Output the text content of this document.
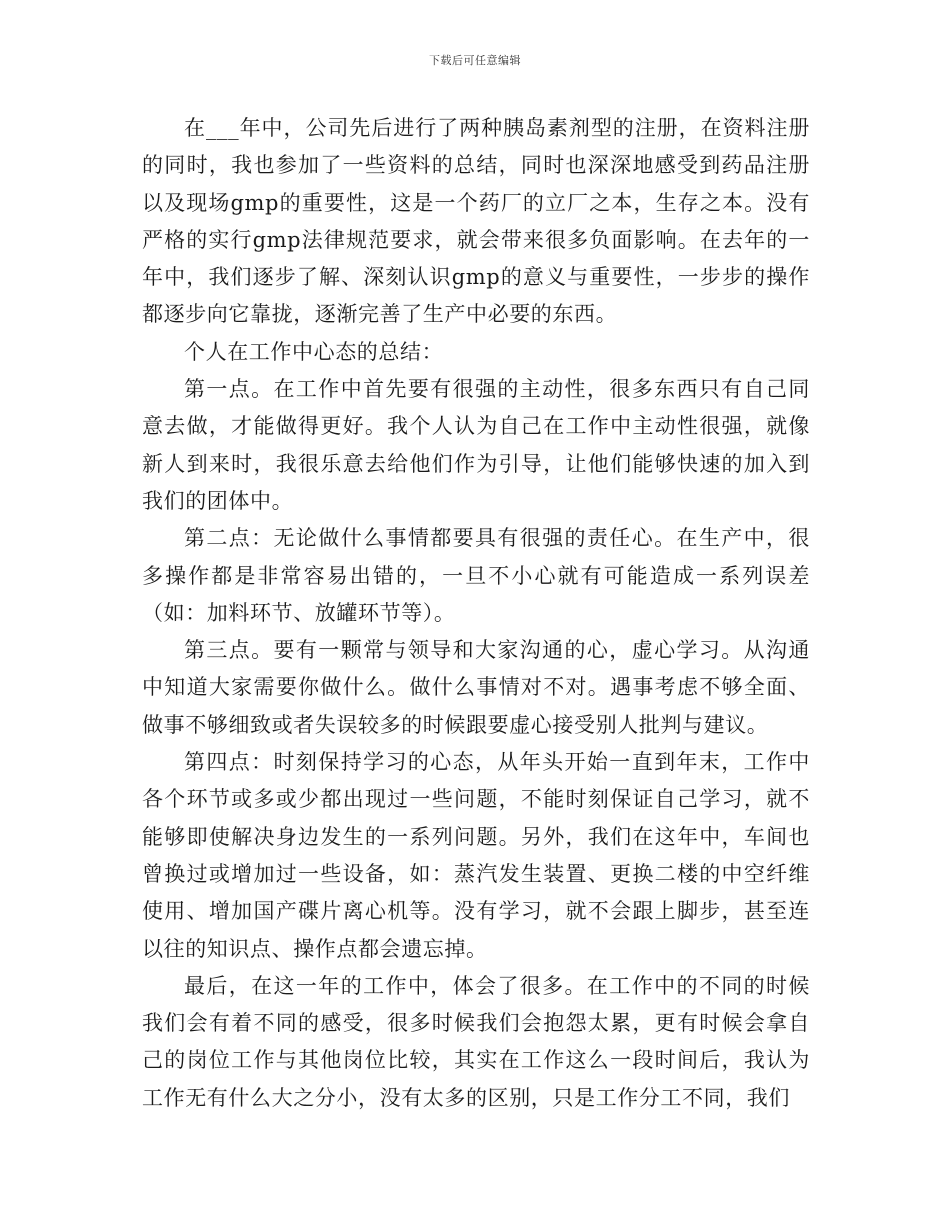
下载后可任意编辑

在___年中，公司先后进行了两种胰岛素剂型的注册，在资料注册的同时，我也参加了一些资料的总结，同时也深深地感受到药品注册以及现场gmp的重要性，这是一个药厂的立厂之本，生存之本。没有严格的实行gmp法律规范要求，就会带来很多负面影响。在去年的一年中，我们逐步了解、深刻认识gmp的意义与重要性，一步步的操作都逐步向它靠拢，逐渐完善了生产中必要的东西。

个人在工作中心态的总结：

第一点。在工作中首先要有很强的主动性，很多东西只有自己同意去做，才能做得更好。我个人认为自己在工作中主动性很强，就像新人到来时，我很乐意去给他们作为引导，让他们能够快速的加入到我们的团体中。

第二点：无论做什么事情都要具有很强的责任心。在生产中，很多操作都是非常容易出错的，一旦不小心就有可能造成一系列误差（如：加料环节、放罐环节等）。

第三点。要有一颗常与领导和大家沟通的心，虚心学习。从沟通中知道大家需要你做什么。做什么事情对不对。遇事考虑不够全面、做事不够细致或者失误较多的时候跟要虚心接受别人批判与建议。

第四点：时刻保持学习的心态，从年头开始一直到年末，工作中各个环节或多或少都出现过一些问题，不能时刻保证自己学习，就不能够即使解决身边发生的一系列问题。另外，我们在这年中，车间也曾换过或增加过一些设备，如：蒸汽发生装置、更换二楼的中空纤维使用、增加国产碟片离心机等。没有学习，就不会跟上脚步，甚至连以往的知识点、操作点都会遗忘掉。

最后，在这一年的工作中，体会了很多。在工作中的不同的时候我们会有着不同的感受，很多时候我们会抱怨太累，更有时候会拿自己的岗位工作与其他岗位比较，其实在工作这么一段时间后，我认为工作无有什么大之分小，没有太多的区别，只是工作分工不同，我们
